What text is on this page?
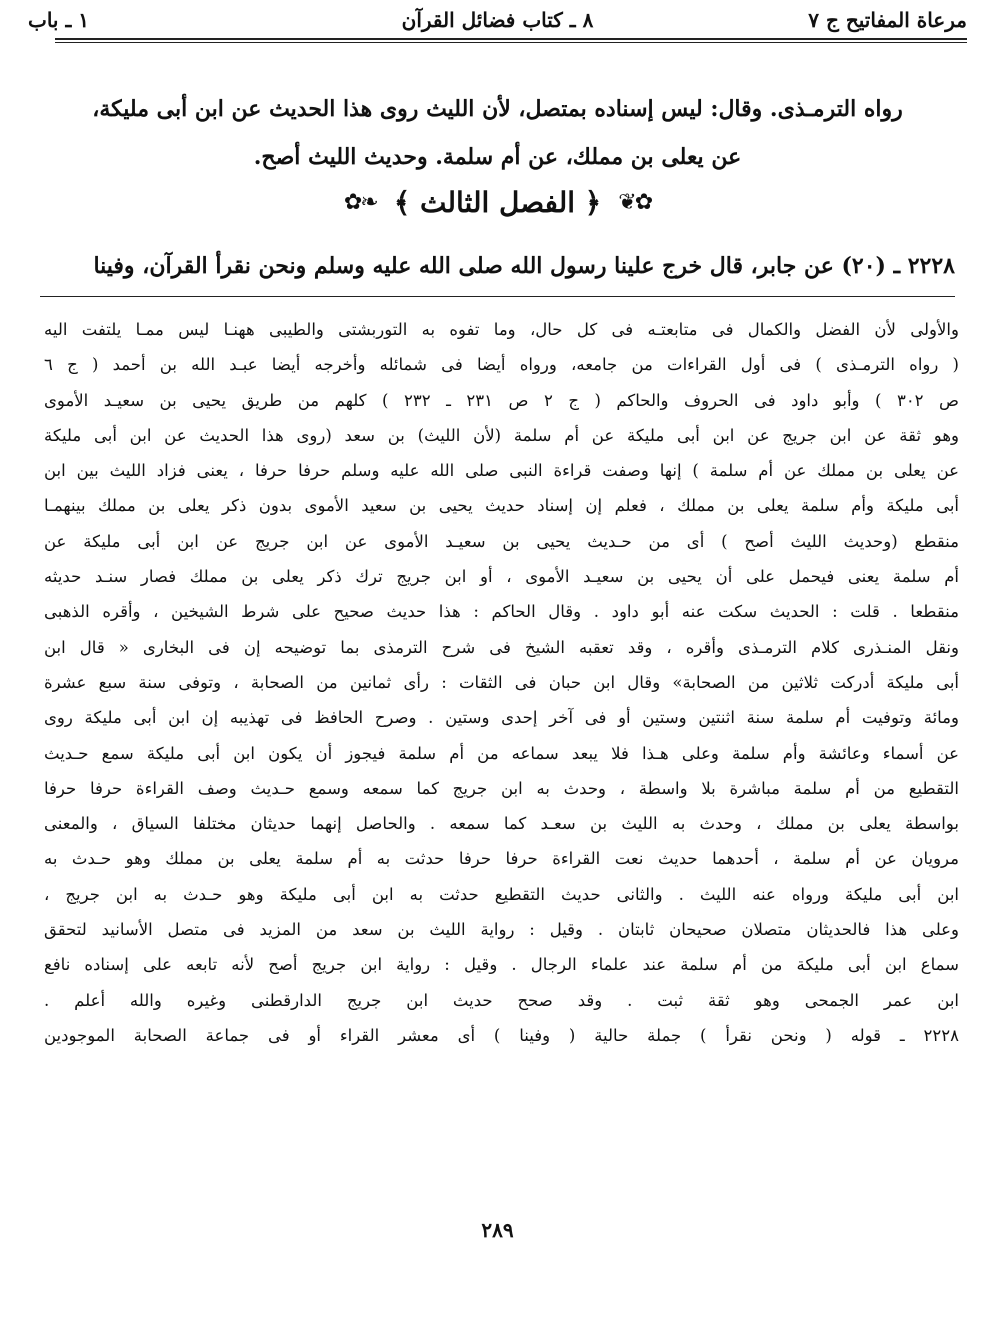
مرعاة المفاتيح ج ٧
٨ ـ كتاب فضائل القرآن
١ ـ باب
رواه الترمـذى. وقال: ليس إسناده بمتصل، لأن الليث روى هذا الحديث عن ابن أبى مليكة،
عن يعلى بن مملك، عن أم سلمة. وحديث الليث أصح.
✿❦ ﴿ الفصل الثالث ﴾ ❧✿
٢٢٢٨ ـ (٢٠) عن جابر، قال خرج علينا رسول الله صلى الله عليه وسلم ونحن نقرأ القرآن، وفينا
والأولى لأن الفضل والكمال فى متابعتـه فى كل حال، وما تفوه به التوربشتى والطيبى ههنـا ليس ممـا يلتفت اليه
( رواه الترمـذى ) فى أول القراءات من جامعه، ورواه أيضا فى شمائله وأخرجه أيضا عبـد الله بن أحمد ( ج ٦
ص ٣٠٢ ) وأبو داود فى الحروف والحاكم ( ج ٢ ص ٢٣١ ـ ٢٣٢ ) كلهم من طريق يحيى بن سعيـد الأموى
وهو ثقة عن ابن جريج عن ابن أبى مليكة عن أم سلمة (لأن الليث) بن سعد (روى هذا الحديث عن ابن أبى مليكة
عن يعلى بن مملك عن أم سلمة ) إنها وصفت قراءة النبى صلى الله عليه وسلم حرفا حرفا ، يعنى فزاد الليث بين ابن
أبى مليكة وأم سلمة يعلى بن مملك ، فعلم إن إسناد حديث يحيى بن سعيد الأموى بدون ذكر يعلى بن مملك بينهمـا
منقطع (وحديث الليث أصح ) أى من حـديث يحيى بن سعيـد الأموى عن ابن جريج عن ابن أبى مليكة عن
أم سلمة يعنى فيحمل على أن يحيى بن سعيـد الأموى ، أو ابن جريج ترك ذكر يعلى بن مملك فصار سنـد حديثه
منقطعا . قلت : الحديث سكت عنه أبو داود . وقال الحاكم : هذا حديث صحيح على شرط الشيخين ، وأقره الذهبى
ونقل المنـذرى كلام الترمـذى وأقره ، وقد تعقبه الشيخ فى شرح الترمذى بما توضيحه إن فى البخارى « قال ابن
أبى مليكة أدركت ثلاثين من الصحابة» وقال ابن حبان فى الثقات : رأى ثمانين من الصحابة ، وتوفى سنة سبع عشرة
ومائة وتوفيت أم سلمة سنة اثنتين وستين أو فى آخر إحدى وستين . وصرح الحافظ فى تهذيبه إن ابن أبى مليكة روى
عن أسماء وعائشة وأم سلمة وعلى هـذا فلا يبعد سماعه من أم سلمة فيجوز أن يكون ابن أبى مليكة سمع حـديث
التقطيع من أم سلمة مباشرة بلا واسطة ، وحدث به ابن جريج كما سمعه وسمع حـديث وصف القراءة حرفا حرفا
بواسطة يعلى بن مملك ، وحدث به الليث بن سعـد كما سمعه . والحاصل إنهما حديثان مختلفا السياق ، والمعنى
مرويان عن أم سلمة ، أحدهما حديث نعت القراءة حرفا حرفا حدثت به أم سلمة يعلى بن مملك وهو حـدث به
ابن أبى مليكة ورواه عنه الليث . والثانى حديث التقطيع حدثت به ابن أبى مليكة وهو حـدث به ابن جريج ،
وعلى هذا فالحديثان متصلان صحيحان ثابتان . وقيل : رواية الليث بن سعد من المزيد فى متصل الأسانيد لتحقق
سماع ابن أبى مليكة من أم سلمة عند علماء الرجال . وقيل : رواية ابن جريج أصح لأنه تابعه على إسناده نافع
ابن عمر الجمحى وهو ثقة ثبت . وقد صحح حديث ابن جريج الدارقطنى وغيره والله أعلم .
٢٢٢٨ ـ قوله ( ونحن نقرأ ) جملة حالية ( وفينا ) أى معشر القراء أو فى جماعة الصحابة الموجودين
٢٨٩
